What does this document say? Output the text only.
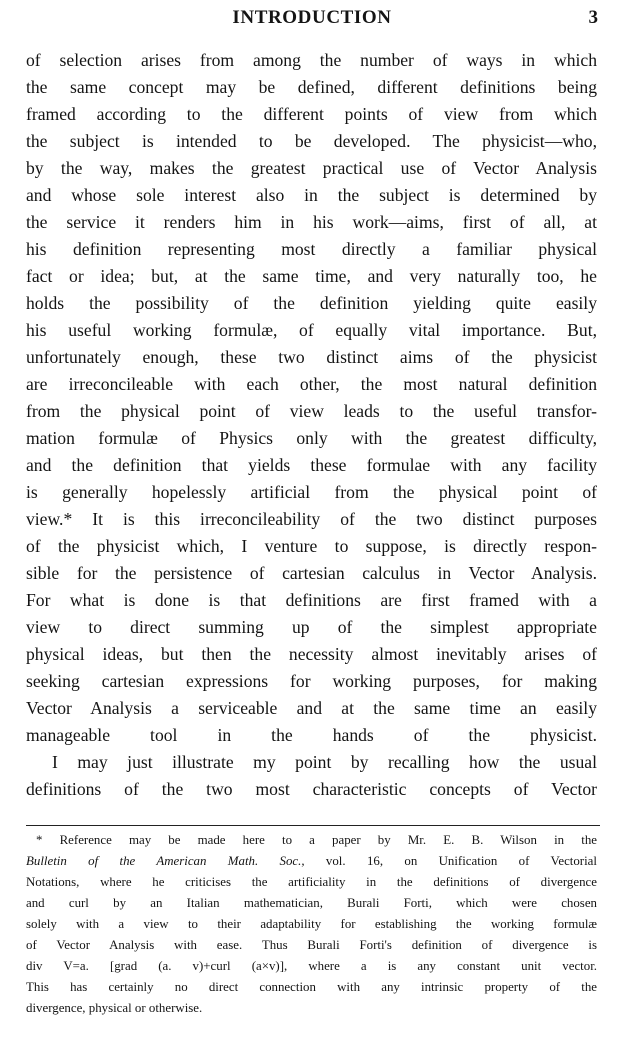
INTRODUCTION	3
of selection arises from among the number of ways in which
the same concept may be defined, different definitions being
framed according to the different points of view from which
the subject is intended to be developed. The physicist—who,
by the way, makes the greatest practical use of Vector Analysis
and whose sole interest also in the subject is determined by
the service it renders him in his work—aims, first of all, at
his definition representing most directly a familiar physical
fact or idea; but, at the same time, and very naturally too, he
holds the possibility of the definition yielding quite easily
his useful working formulæ, of equally vital importance. But,
unfortunately enough, these two distinct aims of the physicist
are irreconcileable with each other, the most natural definition
from the physical point of view leads to the useful transfor-
mation formulæ of Physics only with the greatest difficulty,
and the definition that yields these formulae with any facility
is generally hopelessly artificial from the physical point of
view.* It is this irreconcileability of the two distinct purposes
of the physicist which, I venture to suppose, is directly respon-
sible for the persistence of cartesian calculus in Vector Analysis.
For what is done is that definitions are first framed with a
view to direct summing up of the simplest appropriate
physical ideas, but then the necessity almost inevitably arises of
seeking cartesian expressions for working purposes, for making
Vector Analysis a serviceable and at the same time an easily
manageable tool in the hands of the physicist.
I may just illustrate my point by recalling how the usual
definitions of the two most characteristic concepts of Vector
* Reference may be made here to a paper by Mr. E. B. Wilson in the
Bulletin of the American Math. Soc., vol. 16, on Unification of Vectorial
Notations, where he criticises the artificiality in the definitions of divergence
and curl by an Italian mathematician, Burali Forti, which were chosen
solely with a view to their adaptability for establishing the working formulæ
of Vector Analysis with ease. Thus Burali Forti's definition of divergence is
div V=a. [grad (a. v)+curl (a×v)], where a is any constant unit vector.
This has certainly no direct connection with any intrinsic property of the
divergence, physical or otherwise.
